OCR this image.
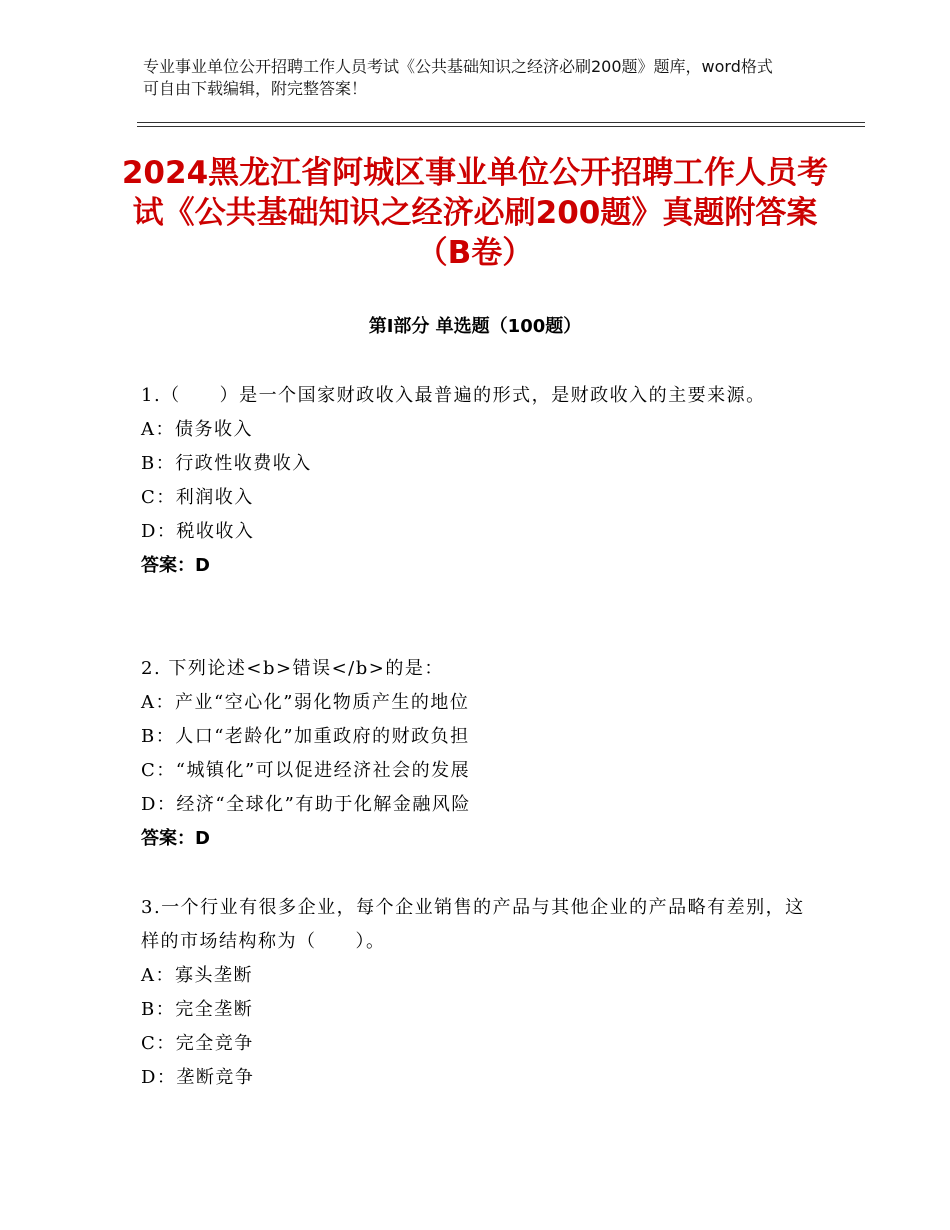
专业事业单位公开招聘工作人员考试《公共基础知识之经济必刷200题》题库，word格式可自由下载编辑，附完整答案！

2024黑龙江省阿城区事业单位公开招聘工作人员考试《公共基础知识之经济必刷200题》真题附答案（B卷）
第Ⅰ部分 单选题（100题）

1.（　　）是一个国家财政收入最普遍的形式，是财政收入的主要来源。

A：债务收入

B：行政性收费收入

C：利润收入

D：税收收入

答案：D

2. 下列论述<b>错误</b>的是：

A：产业“空心化”弱化物质产生的地位

B：人口“老龄化”加重政府的财政负担

C：“城镇化”可以促进经济社会的发展

D：经济“全球化”有助于化解金融风险

答案：D

3.一个行业有很多企业，每个企业销售的产品与其他企业的产品略有差别，这样的市场结构称为（　　）。

A：寡头垄断

B：完全垄断

C：完全竞争

D：垄断竞争
